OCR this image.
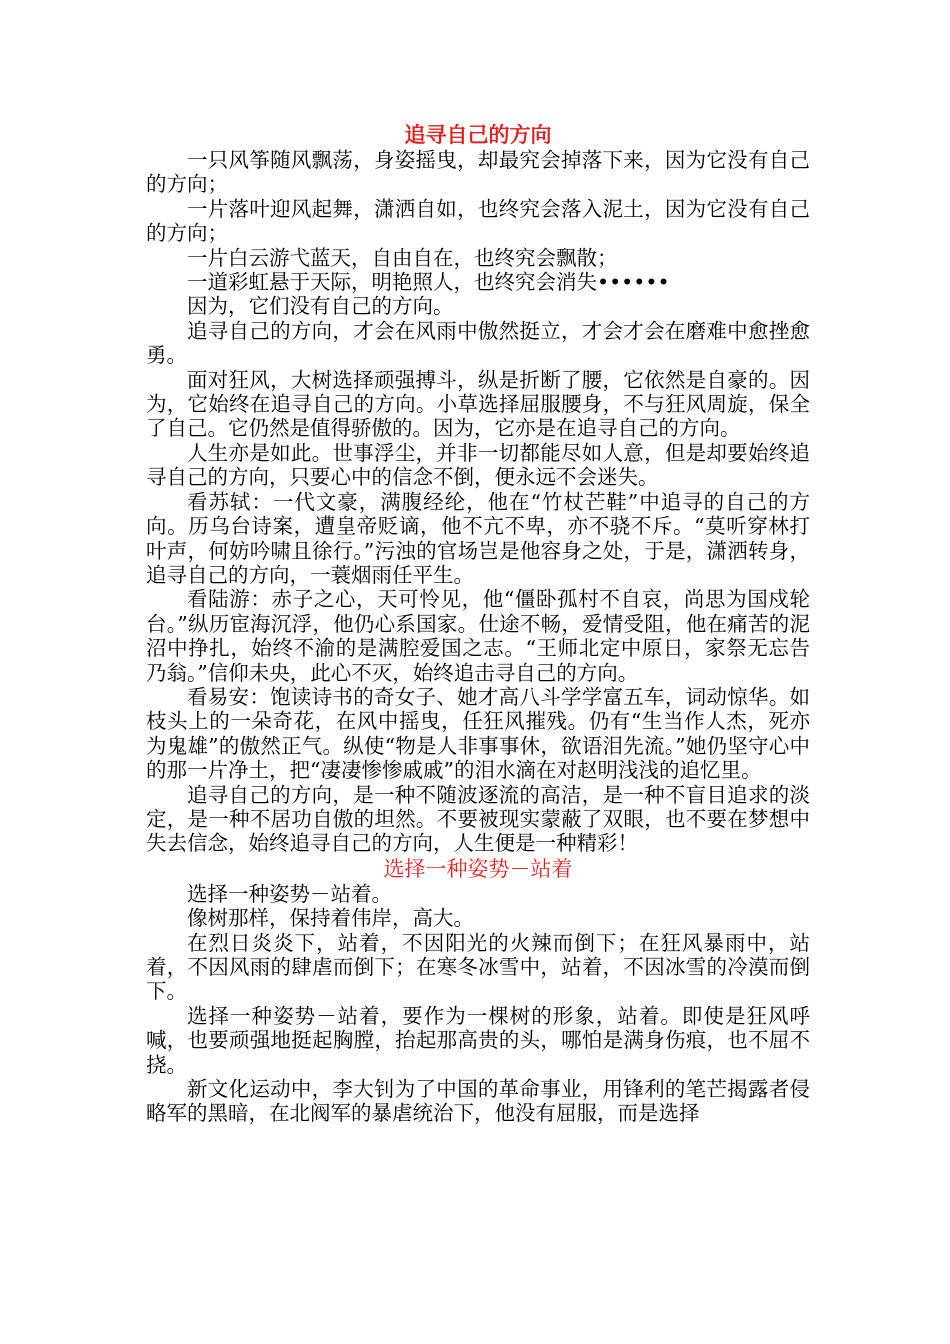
追寻自己的方向

一只风筝随风飘荡，身姿摇曳，却最究会掉落下来，因为它没有自己的方向；

一片落叶迎风起舞，潇洒自如，也终究会落入泥土，因为它没有自己的方向；

一片白云游弋蓝天，自由自在，也终究会飘散；

一道彩虹悬于天际，明艳照人，也终究会消失••••••

因为，它们没有自己的方向。

追寻自己的方向，才会在风雨中傲然挺立，才会才会在磨难中愈挫愈勇。

面对狂风，大树选择顽强搏斗，纵是折断了腰，它依然是自豪的。因为，它始终在追寻自己的方向。小草选择屈服腰身，不与狂风周旋，保全了自己。它仍然是值得骄傲的。因为，它亦是在追寻自己的方向。

人生亦是如此。世事浮尘，并非一切都能尽如人意，但是却要始终追寻自己的方向，只要心中的信念不倒，便永远不会迷失。

看苏轼：一代文豪，满腹经纶，他在“竹杖芒鞋”中追寻的自己的方向。历乌台诗案，遭皇帝贬谪，他不亢不卑，亦不骁不斥。“莫听穿林打叶声，何妨吟啸且徐行。”污浊的官场岂是他容身之处，于是，潇洒转身，追寻自己的方向，一蓑烟雨任平生。

看陆游：赤子之心，天可怜见，他“僵卧孤村不自哀，尚思为国戍轮台。”纵历宦海沉浮，他仍心系国家。仕途不畅，爱情受阻，他在痛苦的泥沼中挣扎，始终不渝的是满腔爱国之志。“王师北定中原日，家祭无忘告乃翁。”信仰未央，此心不灭，始终追击寻自己的方向。

看易安：饱读诗书的奇女子、她才高八斗学学富五车，词动惊华。如枝头上的一朵奇花，在风中摇曳，任狂风摧残。仍有“生当作人杰，死亦为鬼雄”的傲然正气。纵使“物是人非事事休，欲语泪先流。”她仍坚守心中的那一片净土，把“凄凄惨惨戚戚”的泪水滴在对赵明浅浅的追忆里。

追寻自己的方向，是一种不随波逐流的高洁，是一种不盲目追求的淡定，是一种不居功自傲的坦然。不要被现实蒙蔽了双眼，也不要在梦想中失去信念，始终追寻自己的方向，人生便是一种精彩！

选择一种姿势－站着

选择一种姿势－站着。

像树那样，保持着伟岸，高大。

在烈日炎炎下，站着，不因阳光的火辣而倒下；在狂风暴雨中，站着，不因风雨的肆虐而倒下；在寒冬冰雪中，站着，不因冰雪的冷漠而倒下。

选择一种姿势－站着，要作为一棵树的形象，站着。即使是狂风呼喊，也要顽强地挺起胸膛，抬起那高贵的头，哪怕是满身伤痕，也不屈不挠。

新文化运动中，李大钊为了中国的革命事业，用锋利的笔芒揭露者侵略军的黑暗，在北阀军的暴虐统治下，他没有屈服，而是选择
